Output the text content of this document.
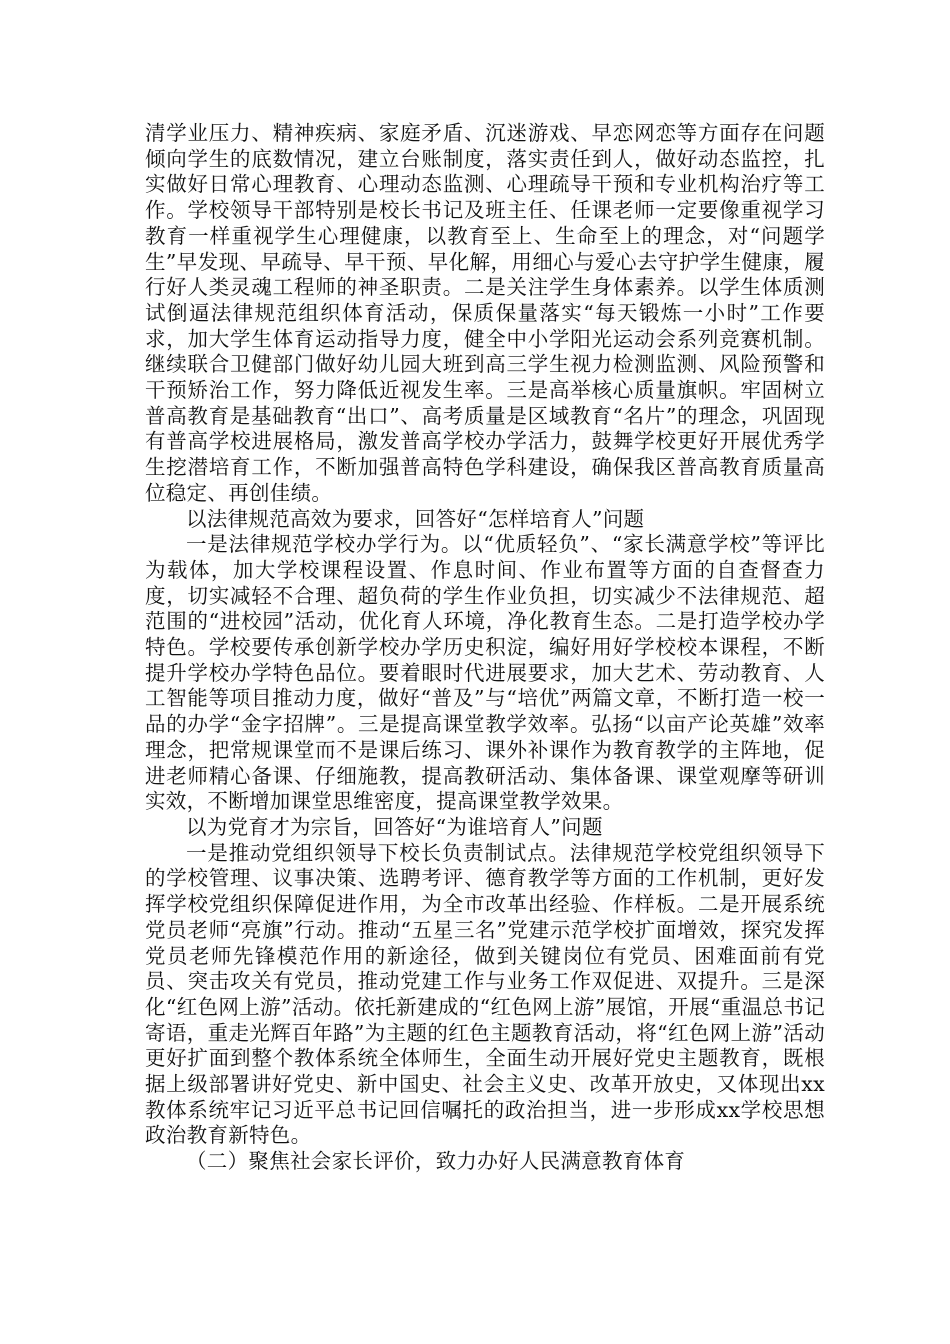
清学业压力、精神疾病、家庭矛盾、沉迷游戏、早恋网恋等方面存在问题倾向学生的底数情况，建立台账制度，落实责任到人，做好动态监控，扎实做好日常心理教育、心理动态监测、心理疏导干预和专业机构治疗等工作。学校领导干部特别是校长书记及班主任、任课老师一定要像重视学习教育一样重视学生心理健康，以教育至上、生命至上的理念，对“问题学生”早发现、早疏导、早干预、早化解，用细心与爱心去守护学生健康，履行好人类灵魂工程师的神圣职责。二是关注学生身体素养。以学生体质测试倒逼法律规范组织体育活动，保质保量落实“每天锻炼一小时”工作要求，加大学生体育运动指导力度，健全中小学阳光运动会系列竞赛机制。继续联合卫健部门做好幼儿园大班到高三学生视力检测监测、风险预警和干预矫治工作，努力降低近视发生率。三是高举核心质量旗帜。牢固树立普高教育是基础教育“出口”、高考质量是区域教育“名片”的理念，巩固现有普高学校进展格局，激发普高学校办学活力，鼓舞学校更好开展优秀学生挖潜培育工作，不断加强普高特色学科建设，确保我区普高教育质量高位稳定、再创佳绩。

以法律规范高效为要求，回答好“怎样培育人”问题

一是法律规范学校办学行为。以“优质轻负”、“家长满意学校”等评比为载体，加大学校课程设置、作息时间、作业布置等方面的自查督查力度，切实减轻不合理、超负荷的学生作业负担，切实减少不法律规范、超范围的“进校园”活动，优化育人环境，净化教育生态。二是打造学校办学特色。学校要传承创新学校办学历史积淀，编好用好学校校本课程，不断提升学校办学特色品位。要着眼时代进展要求，加大艺术、劳动教育、人工智能等项目推动力度，做好“普及”与“培优”两篇文章，不断打造一校一品的办学“金字招牌”。三是提高课堂教学效率。弘扬“以亩产论英雄”效率理念，把常规课堂而不是课后练习、课外补课作为教育教学的主阵地，促进老师精心备课、仔细施教，提高教研活动、集体备课、课堂观摩等研训实效，不断增加课堂思维密度，提高课堂教学效果。

以为党育才为宗旨，回答好“为谁培育人”问题

一是推动党组织领导下校长负责制试点。法律规范学校党组织领导下的学校管理、议事决策、选聘考评、德育教学等方面的工作机制，更好发挥学校党组织保障促进作用，为全市改革出经验、作样板。二是开展系统党员老师“亮旗”行动。推动“五星三名”党建示范学校扩面增效，探究发挥党员老师先锋模范作用的新途径，做到关键岗位有党员、困难面前有党员、突击攻关有党员，推动党建工作与业务工作双促进、双提升。三是深化“红色网上游”活动。依托新建成的“红色网上游”展馆，开展“重温总书记寄语，重走光辉百年路”为主题的红色主题教育活动，将“红色网上游”活动更好扩面到整个教体系统全体师生，全面生动开展好党史主题教育，既根据上级部署讲好党史、新中国史、社会主义史、改革开放史，又体现出xx教体系统牢记习近平总书记回信嘱托的政治担当，进一步形成xx学校思想政治教育新特色。

（二）聚焦社会家长评价，致力办好人民满意教育体育
